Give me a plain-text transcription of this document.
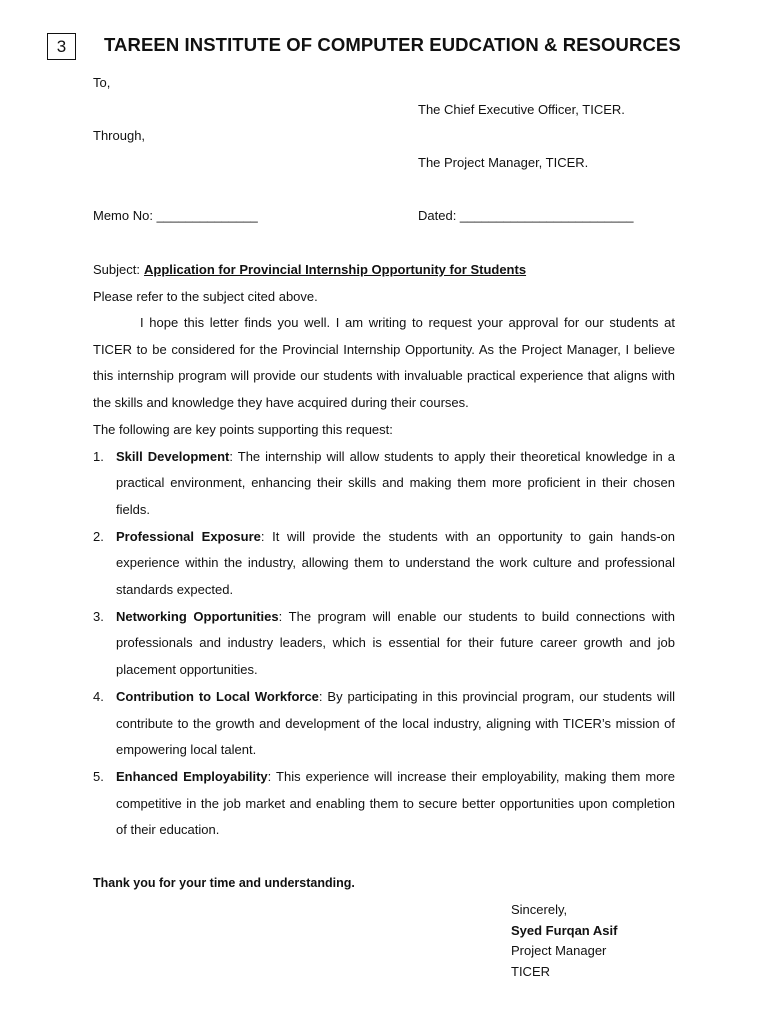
3 TAREEN INSTITUTE OF COMPUTER EUDCATION & RESOURCES
To,
The Chief Executive Officer, TICER.
Through,
The Project Manager, TICER.
Memo No: ______________	Dated: ________________________
Subject: Application for Provincial Internship Opportunity for Students
Please refer to the subject cited above.

I hope this letter finds you well. I am writing to request your approval for our students at TICER to be considered for the Provincial Internship Opportunity. As the Project Manager, I believe this internship program will provide our students with invaluable practical experience that aligns with the skills and knowledge they have acquired during their courses.

The following are key points supporting this request:

1. Skill Development: The internship will allow students to apply their theoretical knowledge in a practical environment, enhancing their skills and making them more proficient in their chosen fields.
2. Professional Exposure: It will provide the students with an opportunity to gain hands-on experience within the industry, allowing them to understand the work culture and professional standards expected.
3. Networking Opportunities: The program will enable our students to build connections with professionals and industry leaders, which is essential for their future career growth and job placement opportunities.
4. Contribution to Local Workforce: By participating in this provincial program, our students will contribute to the growth and development of the local industry, aligning with TICER’s mission of empowering local talent.
5. Enhanced Employability: This experience will increase their employability, making them more competitive in the job market and enabling them to secure better opportunities upon completion of their education.
Thank you for your time and understanding.
Sincerely,
Syed Furqan Asif
Project Manager
TICER
